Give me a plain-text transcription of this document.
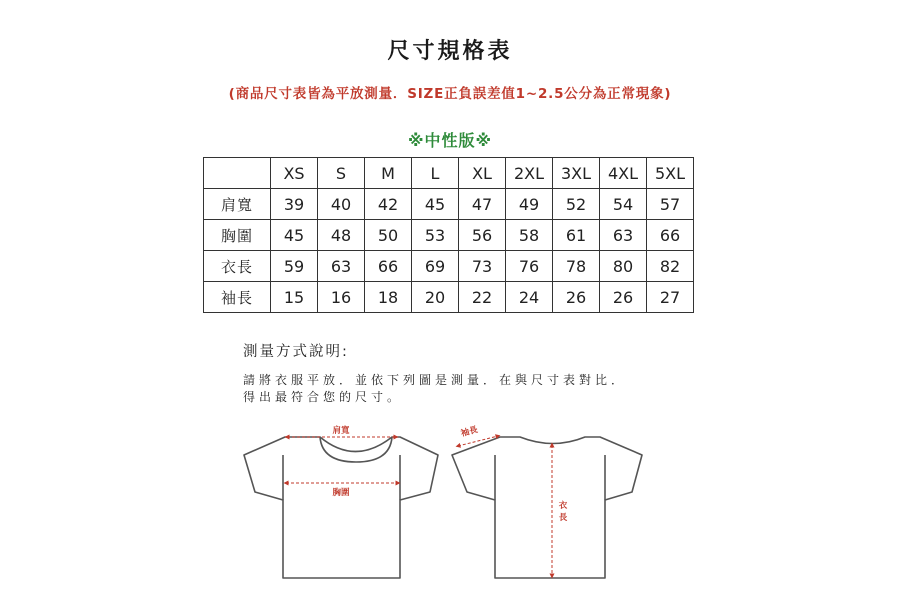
尺寸規格表
(商品尺寸表皆為平放測量．SIZE正負誤差值1~2.5公分為正常現象)
※中性版※
	XS	S	M	L	XL	2XL	3XL	4XL	5XL
肩寬	39	40	42	45	47	49	52	54	57
胸圍	45	48	50	53	56	58	61	63	66
衣長	59	63	66	69	73	76	78	80	82
袖長	15	16	18	20	22	24	26	26	27
測量方式說明:
請將衣服平放．並依下列圖是測量．在與尺寸表對比．
得出最符合您的尺寸。
肩寬
胸圍
袖長
衣
長
